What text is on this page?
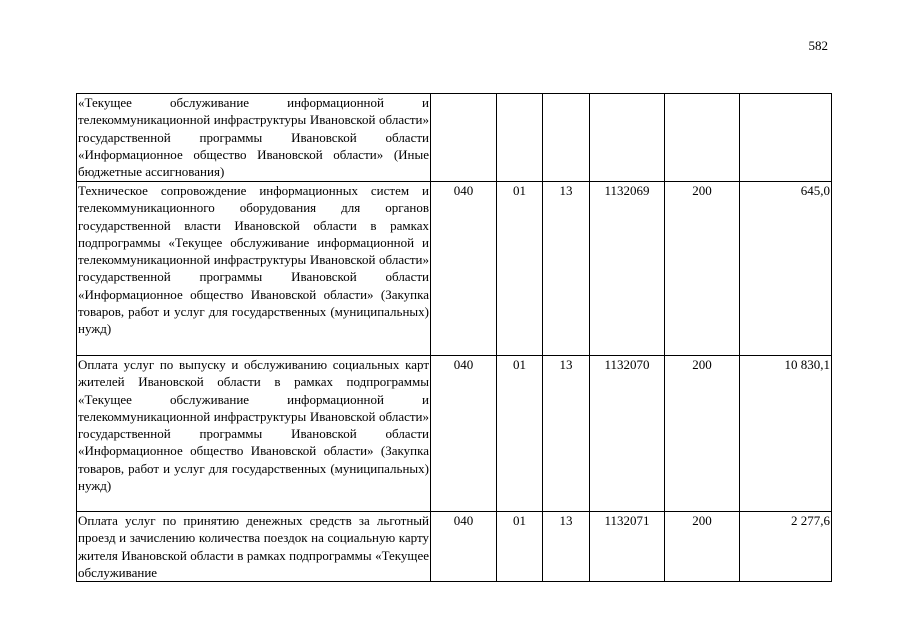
582
«Текущее обслуживание информационной и телекоммуникационной инфраструктуры Ивановской области» государственной программы Ивановской области «Информационное общество Ивановской области» (Иные бюджетные ассигнования)						
Техническое сопровождение информационных систем и телекоммуникационного оборудования для органов государственной власти Ивановской области в рамках подпрограммы «Текущее обслуживание информационной и телекоммуникационной инфраструктуры Ивановской области» государственной программы Ивановской области «Информационное общество Ивановской области» (Закупка товаров, работ и услуг для государственных (муниципальных) нужд)	040	01	13	1132069	200	645,0
Оплата услуг по выпуску и обслуживанию социальных карт жителей Ивановской области в рамках подпрограммы «Текущее обслуживание информационной и телекоммуникационной инфраструктуры Ивановской области» государственной программы Ивановской области «Информационное общество Ивановской области» (Закупка товаров, работ и услуг для государственных (муниципальных) нужд)	040	01	13	1132070	200	10 830,1
Оплата услуг по принятию денежных средств за льготный проезд и зачислению количества поездок на социальную карту жителя Ивановской области в рамках подпрограммы «Текущее обслуживание	040	01	13	1132071	200	2 277,6
